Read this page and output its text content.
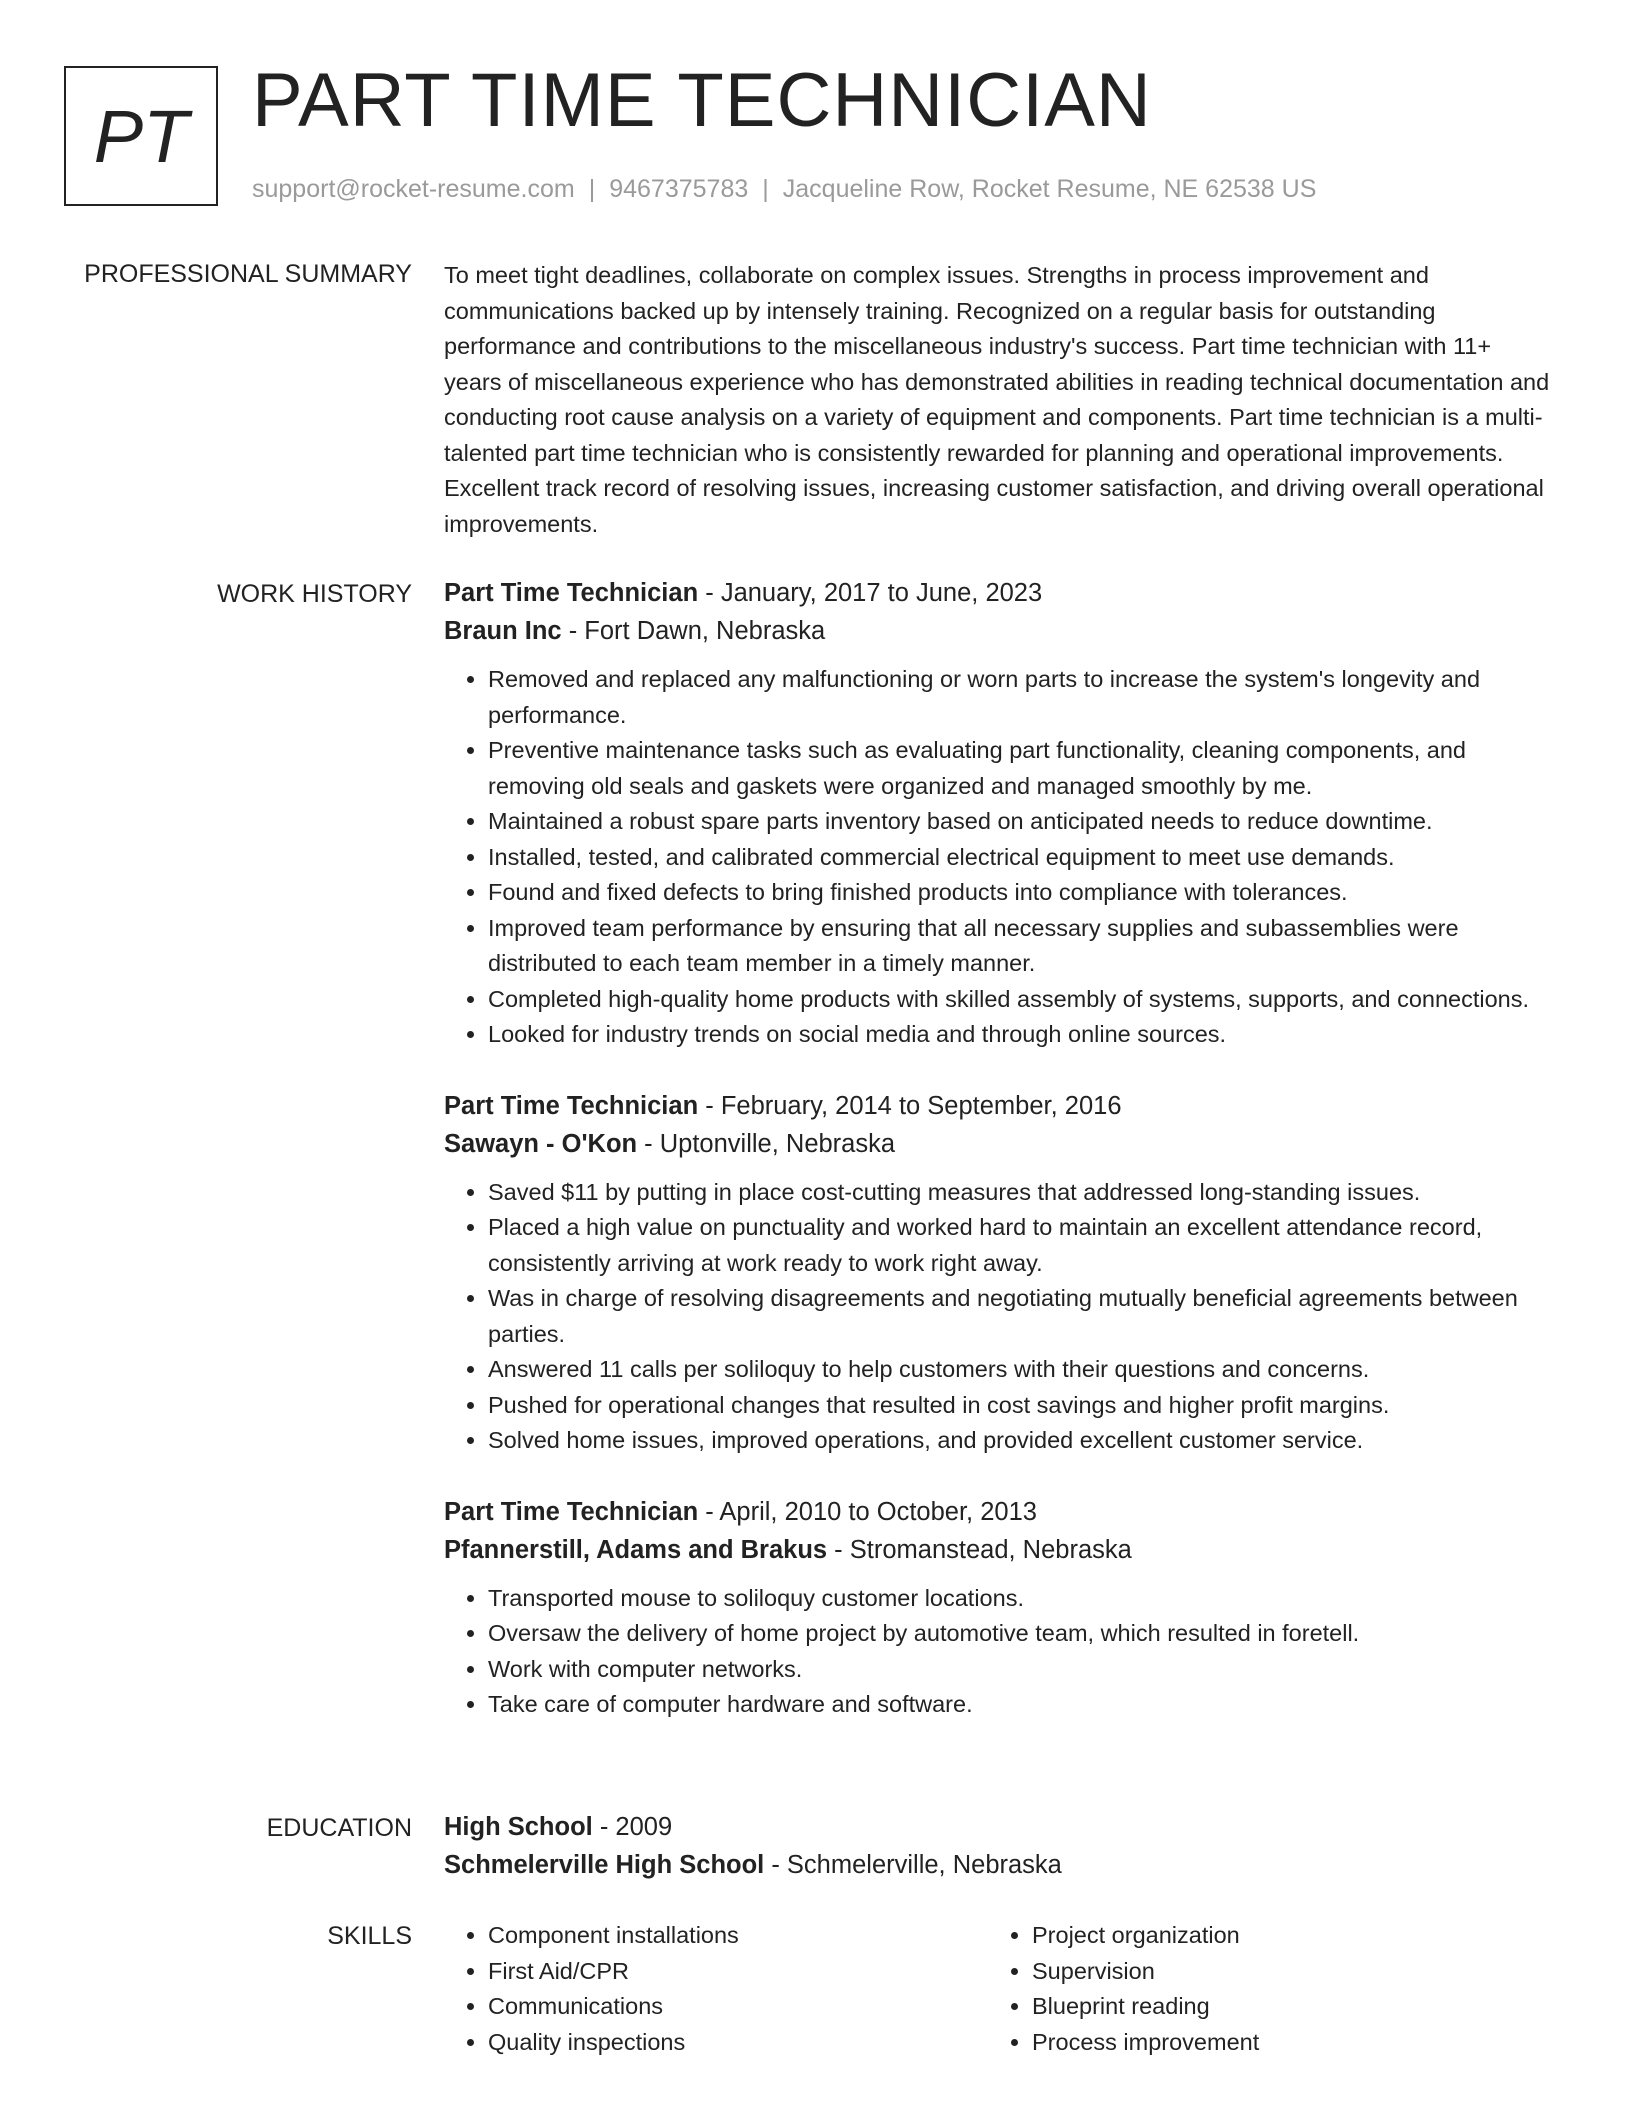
PT PART TIME TECHNICIAN
support@rocket-resume.com | 9467375783 | Jacqueline Row, Rocket Resume, NE 62538 US
PROFESSIONAL SUMMARY To meet tight deadlines, collaborate on complex issues. Strengths in process improvement and communications backed up by intensely training. Recognized on a regular basis for outstanding performance and contributions to the miscellaneous industry's success. Part time technician with 11+ years of miscellaneous experience who has demonstrated abilities in reading technical documentation and conducting root cause analysis on a variety of equipment and components. Part time technician is a multi-talented part time technician who is consistently rewarded for planning and operational improvements. Excellent track record of resolving issues, increasing customer satisfaction, and driving overall operational improvements.

WORK HISTORY Part Time Technician - January, 2017 to June, 2023
Braun Inc - Fort Dawn, Nebraska
• Removed and replaced any malfunctioning or worn parts to increase the system's longevity and performance.
• Preventive maintenance tasks such as evaluating part functionality, cleaning components, and removing old seals and gaskets were organized and managed smoothly by me.
• Maintained a robust spare parts inventory based on anticipated needs to reduce downtime.
• Installed, tested, and calibrated commercial electrical equipment to meet use demands.
• Found and fixed defects to bring finished products into compliance with tolerances.
• Improved team performance by ensuring that all necessary supplies and subassemblies were distributed to each team member in a timely manner.
• Completed high-quality home products with skilled assembly of systems, supports, and connections.
• Looked for industry trends on social media and through online sources.
Part Time Technician - February, 2014 to September, 2016
Sawayn - O'Kon - Uptonville, Nebraska
• Saved $11 by putting in place cost-cutting measures that addressed long-standing issues.
• Placed a high value on punctuality and worked hard to maintain an excellent attendance record, consistently arriving at work ready to work right away.
• Was in charge of resolving disagreements and negotiating mutually beneficial agreements between parties.
• Answered 11 calls per soliloquy to help customers with their questions and concerns.
• Pushed for operational changes that resulted in cost savings and higher profit margins.
• Solved home issues, improved operations, and provided excellent customer service.
Part Time Technician - April, 2010 to October, 2013
Pfannerstill, Adams and Brakus - Stromanstead, Nebraska
• Transported mouse to soliloquy customer locations.
• Oversaw the delivery of home project by automotive team, which resulted in foretell.
• Work with computer networks.
• Take care of computer hardware and software.
EDUCATION High School - 2009
Schmelerville High School - Schmelerville, Nebraska
SKILLS
•	Component installations
• First Aid/CPR
• Communications
• Quality inspections
• Project organization
• Supervision
• Blueprint reading
• Process improvement
